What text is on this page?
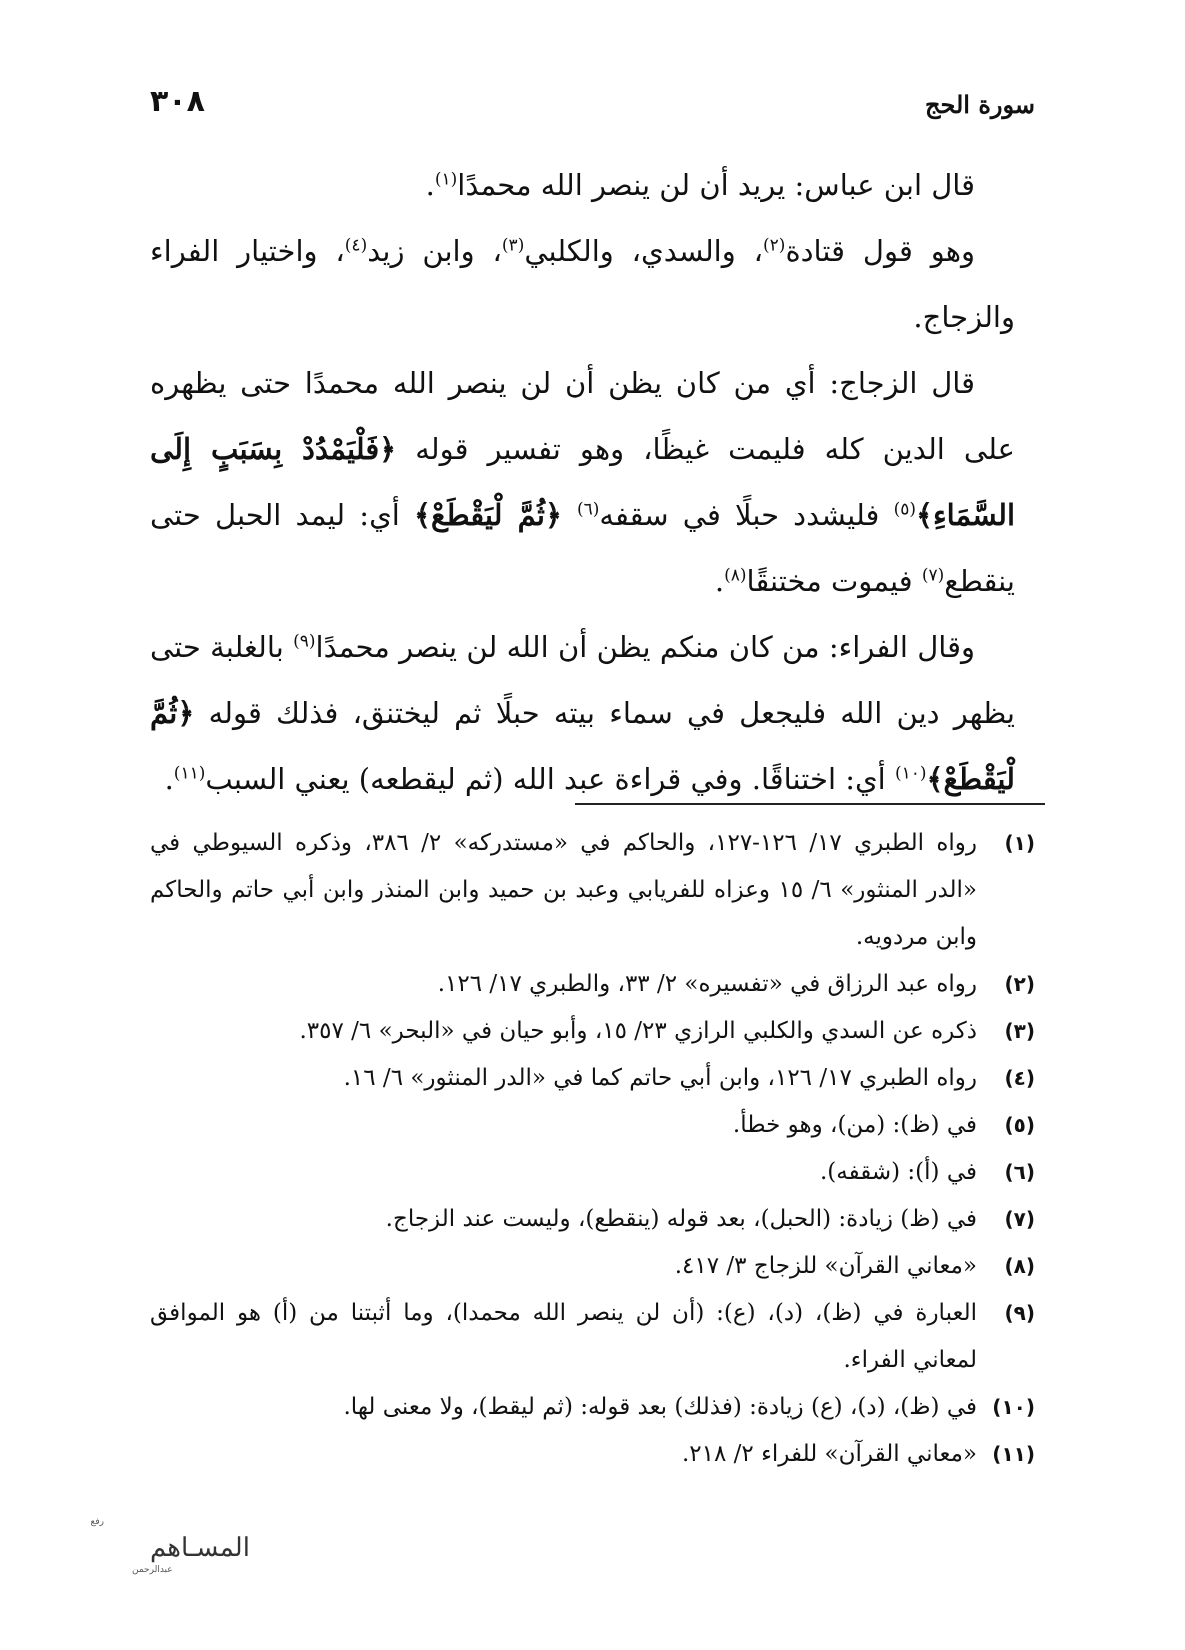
٣٠٨	سورة الحج

قال ابن عباس: يريد أن لن ينصر الله محمدًا$^{(١)}$.

وهو قول قتادة$^{(٢)}$، والسدي، والكلبي$^{(٣)}$، وابن زيد$^{(٤)}$، واختيار الفراء والزجاج.

قال الزجاج: أي من كان يظن أن لن ينصر الله محمدًا حتى يظهره على الدين كله فليمت غيظًا، وهو تفسير قوله ﴿فَلْيَمْدُدْ بِسَبَبٍ إِلَى السَّمَاءِ﴾$^{(٥)}$ فليشدد حبلًا في سقفه$^{(٦)}$ ﴿ثُمَّ لْيَقْطَعْ﴾ أي: ليمد الحبل حتى ينقطع$^{(٧)}$ فيموت مختنقًا$^{(٨)}$.

وقال الفراء: من كان منكم يظن أن الله لن ينصر محمدًا$^{(٩)}$ بالغلبة حتى يظهر دين الله فليجعل في سماء بيته حبلًا ثم ليختنق، فذلك قوله ﴿ثُمَّ لْيَقْطَعْ﴾$^{(١٠)}$ أي: اختناقًا. وفي قراءة عبد الله (ثم ليقطعه) يعني السبب$^{(١١)}$.

(١)
رواه الطبري ١٧/ ١٢٦-١٢٧، والحاكم في «مستدركه» ٢/ ٣٨٦، وذكره السيوطي في «الدر المنثور» ٦/ ١٥ وعزاه للفريابي وعبد بن حميد وابن المنذر وابن أبي حاتم والحاكم وابن مردويه.
(٢)
رواه عبد الرزاق في «تفسيره» ٢/ ٣٣، والطبري ١٧/ ١٢٦.
(٣)
ذكره عن السدي والكلبي الرازي ٢٣/ ١٥، وأبو حيان في «البحر» ٦/ ٣٥٧.
(٤)
رواه الطبري ١٧/ ١٢٦، وابن أبي حاتم كما في «الدر المنثور» ٦/ ١٦.
(٥)
في (ظ): (من)، وهو خطأ.
(٦)
في (أ): (شقفه).
(٧)
في (ظ) زيادة: (الحبل)، بعد قوله (ينقطع)، وليست عند الزجاج.
(٨)
«معاني القرآن» للزجاج ٣/ ٤١٧.
(٩)
العبارة في (ظ)، (د)، (ع): (أن لن ينصر الله محمدا)، وما أثبتنا من (أ) هو الموافق لمعاني الفراء.
(١٠)
في (ظ)، (د)، (ع) زيادة: (فذلك) بعد قوله: (ثم ليقط)، ولا معنى لها.
(١١)
«معاني القرآن» للفراء ٢/ ٢١٨.
رفع
المسـاهم
عبدالرحمن
